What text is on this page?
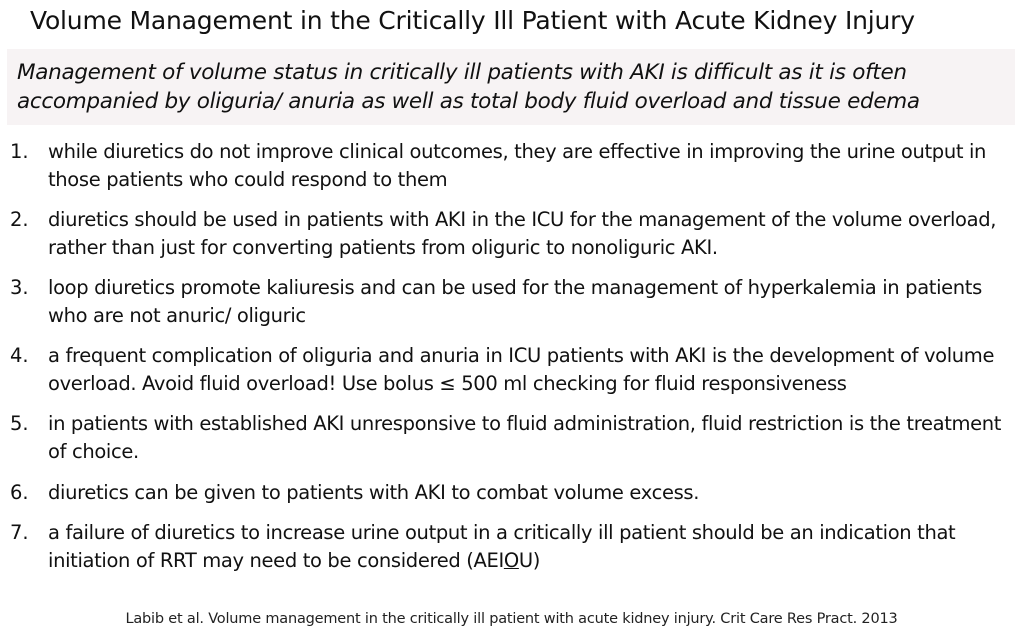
Volume Management in the Critically Ill Patient with Acute Kidney Injury
Management of volume status in critically ill patients with AKI is difficult as it is often accompanied by oliguria/ anuria as well as total body fluid overload and tissue edema
1. while diuretics do not improve clinical outcomes, they are effective in improving the urine output in those patients who could respond to them
2. diuretics should be used in patients with AKI in the ICU for the management of the volume overload, rather than just for converting patients from oliguric to nonoliguric AKI.
3. loop diuretics promote kaliuresis and can be used for the management of hyperkalemia in patients who are not anuric/ oliguric
4. a frequent complication of oliguria and anuria in ICU patients with AKI is the development of volume overload. Avoid fluid overload! Use bolus ≤ 500 ml checking for fluid responsiveness
5. in patients with established AKI unresponsive to fluid administration, fluid restriction is the treatment of choice.
6. diuretics can be given to patients with AKI to combat volume excess.
7. a failure of diuretics to increase urine output in a critically ill patient should be an indication that initiation of RRT may need to be considered (AEIOU)
Labib et al. Volume management in the critically ill patient with acute kidney injury. Crit Care Res Pract. 2013
